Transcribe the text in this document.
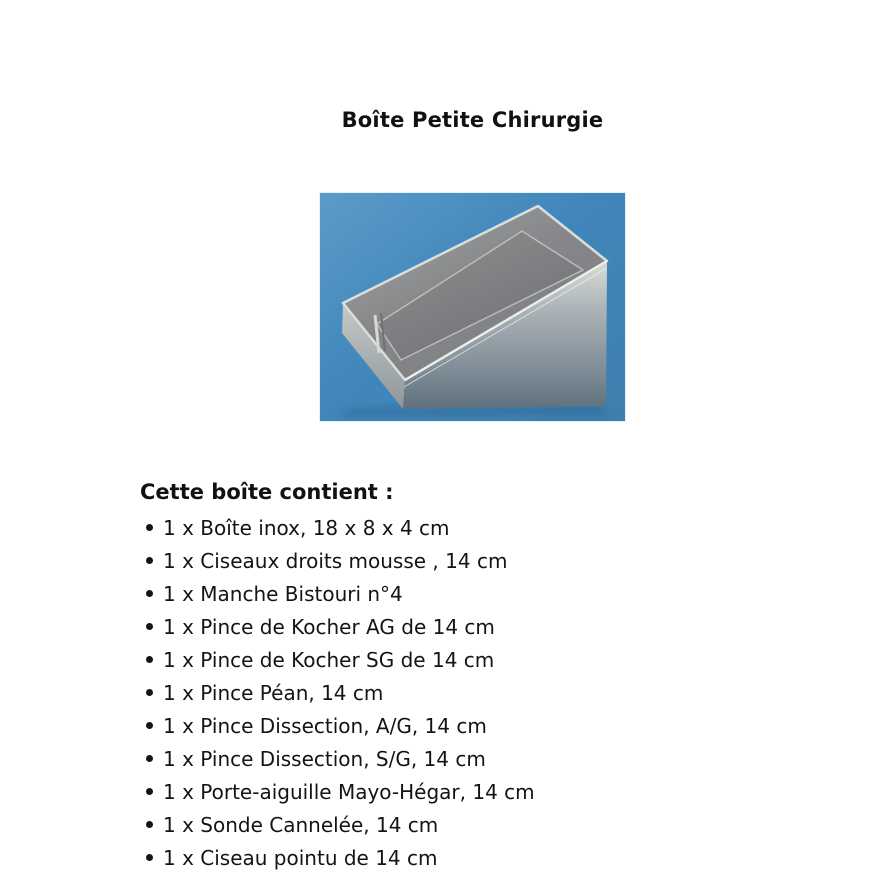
Boîte Petite Chirurgie
Cette boîte contient :
1 x Boîte inox, 18 x 8 x 4 cm
1 x Ciseaux droits mousse , 14 cm
1 x Manche Bistouri n°4
1 x Pince de Kocher AG de 14 cm
1 x Pince de Kocher SG de 14 cm
1 x Pince Péan, 14 cm
1 x Pince Dissection, A/G, 14 cm
1 x Pince Dissection, S/G, 14 cm
1 x Porte-aiguille Mayo-Hégar, 14 cm
1 x Sonde Cannelée, 14 cm
1 x Ciseau pointu de 14 cm
